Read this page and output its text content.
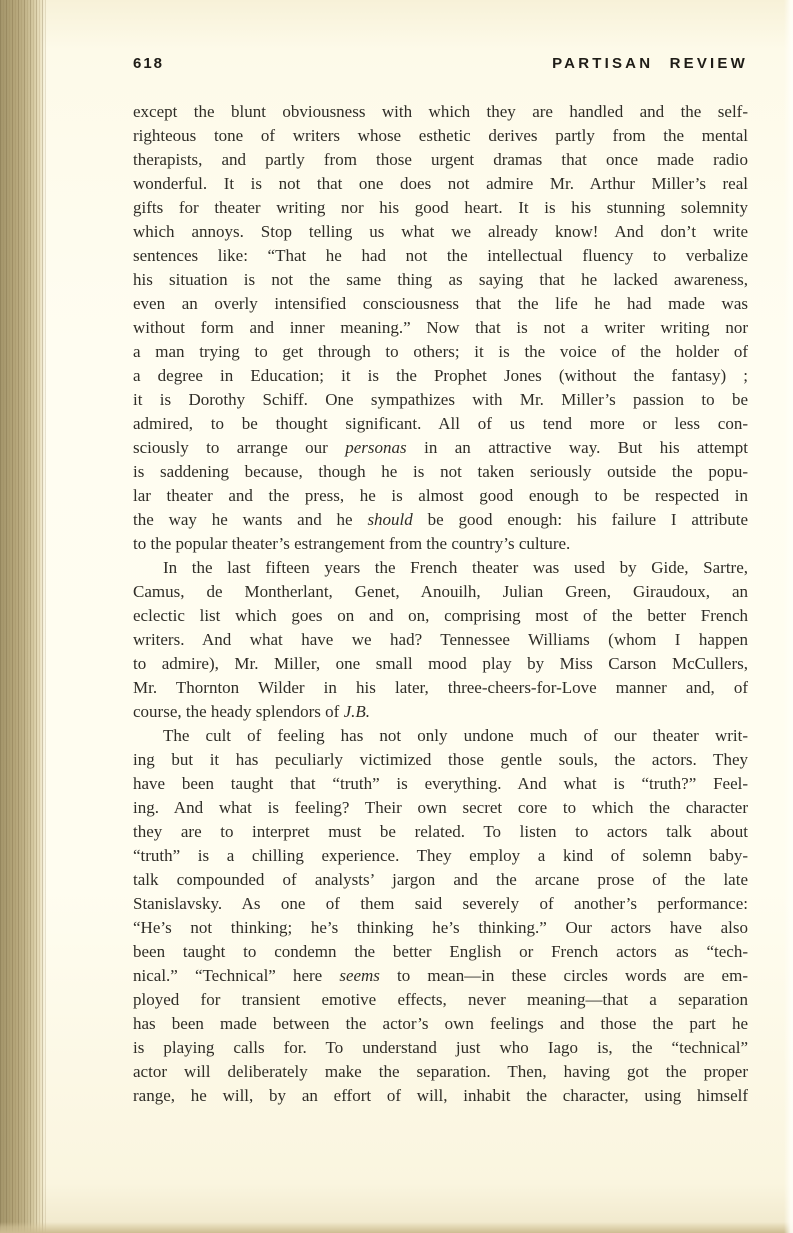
618	PARTISAN REVIEW
except the blunt obviousness with which they are handled and the self-
righteous tone of writers whose esthetic derives partly from the mental
therapists, and partly from those urgent dramas that once made radio
wonderful. It is not that one does not admire Mr. Arthur Miller’s real
gifts for theater writing nor his good heart. It is his stunning solemnity
which annoys. Stop telling us what we already know! And don’t write
sentences like: “That he had not the intellectual fluency to verbalize
his situation is not the same thing as saying that he lacked awareness,
even an overly intensified consciousness that the life he had made was
without form and inner meaning.” Now that is not a writer writing nor
a man trying to get through to others; it is the voice of the holder of
a degree in Education; it is the Prophet Jones (without the fantasy) ;
it is Dorothy Schiff. One sympathizes with Mr. Miller’s passion to be
admired, to be thought significant. All of us tend more or less con-
sciously to arrange our personas in an attractive way. But his attempt
is saddening because, though he is not taken seriously outside the popu-
lar theater and the press, he is almost good enough to be respected in
the way he wants and he should be good enough: his failure I attribute
to the popular theater’s estrangement from the country’s culture.
In the last fifteen years the French theater was used by Gide, Sartre,
Camus, de Montherlant, Genet, Anouilh, Julian Green, Giraudoux, an
eclectic list which goes on and on, comprising most of the better French
writers. And what have we had? Tennessee Williams (whom I happen
to admire), Mr. Miller, one small mood play by Miss Carson McCullers,
Mr. Thornton Wilder in his later, three-cheers-for-Love manner and, of
course, the heady splendors of J.B.
The cult of feeling has not only undone much of our theater writ-
ing but it has peculiarly victimized those gentle souls, the actors. They
have been taught that “truth” is everything. And what is “truth?” Feel-
ing. And what is feeling? Their own secret core to which the character
they are to interpret must be related. To listen to actors talk about
“truth” is a chilling experience. They employ a kind of solemn baby-
talk compounded of analysts’ jargon and the arcane prose of the late
Stanislavsky. As one of them said severely of another’s performance:
“He’s not thinking; he’s thinking he’s thinking.” Our actors have also
been taught to condemn the better English or French actors as “tech-
nical.” “Technical” here seems to mean—in these circles words are em-
ployed for transient emotive effects, never meaning—that a separation
has been made between the actor’s own feelings and those the part he
is playing calls for. To understand just who Iago is, the “technical”
actor will deliberately make the separation. Then, having got the proper
range, he will, by an effort of will, inhabit the character, using himself
